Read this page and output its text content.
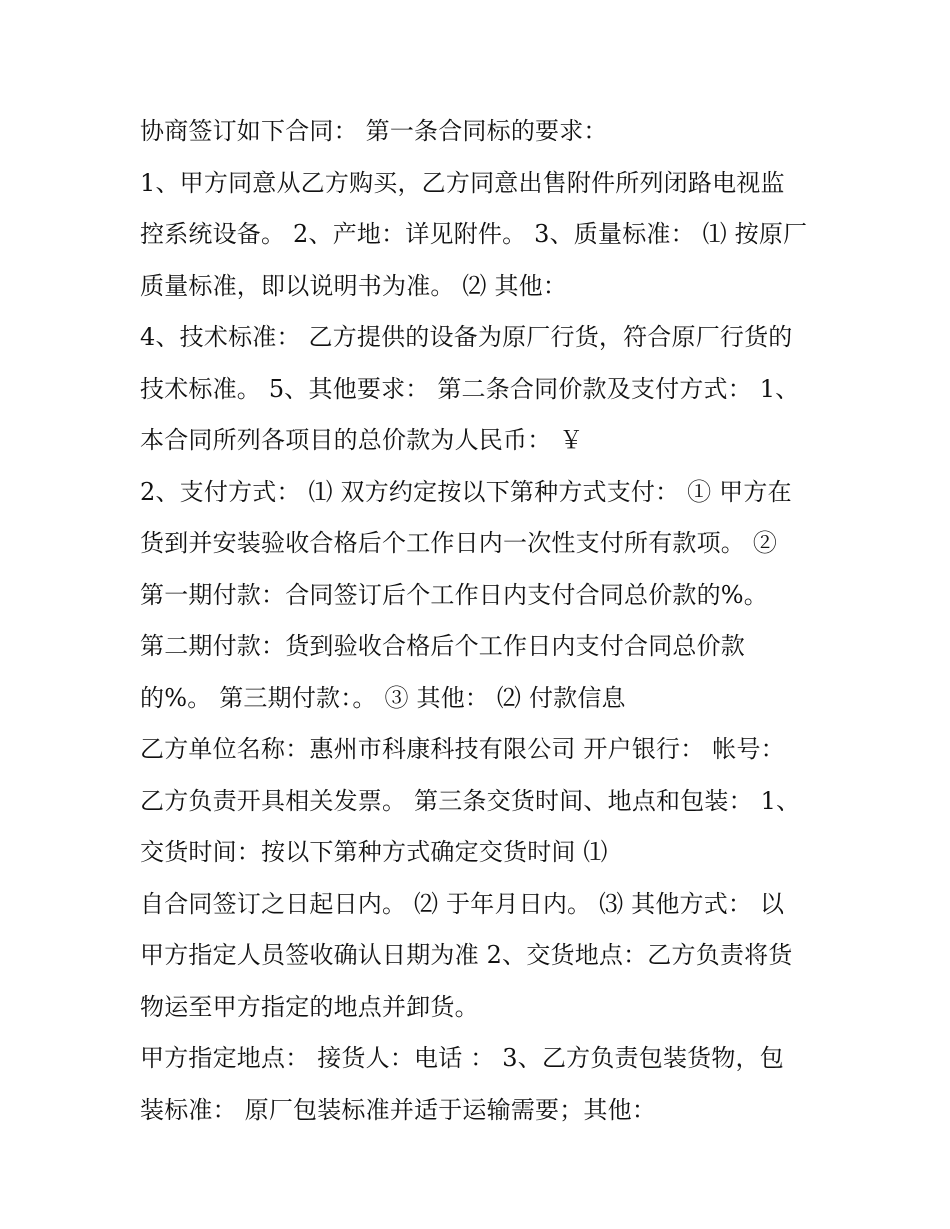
协商签订如下合同： 第一条合同标的要求：
1、甲方同意从乙方购买，乙方同意出售附件所列闭路电视监
控系统设备。 2、产地：详见附件。 3、质量标准： ⑴ 按原厂
质量标准，即以说明书为准。 ⑵ 其他：
4、技术标准： 乙方提供的设备为原厂行货，符合原厂行货的
技术标准。 5、其他要求： 第二条合同价款及支付方式： 1、
本合同所列各项目的总价款为人民币： ￥
2、支付方式： ⑴ 双方约定按以下第种方式支付： ① 甲方在
货到并安装验收合格后个工作日内一次性支付所有款项。 ②
第一期付款：合同签订后个工作日内支付合同总价款的%。
第二期付款：货到验收合格后个工作日内支付合同总价款
的%。 第三期付款：。 ③ 其他： ⑵ 付款信息
乙方单位名称：惠州市科康科技有限公司 开户银行： 帐号：
乙方负责开具相关发票。 第三条交货时间、地点和包装： 1、
交货时间：按以下第种方式确定交货时间 ⑴
自合同签订之日起日内。 ⑵ 于年月日内。 ⑶ 其他方式： 以
甲方指定人员签收确认日期为准 2、交货地点：乙方负责将货
物运至甲方指定的地点并卸货。
甲方指定地点： 接货人：电话 ： 3、乙方负责包装货物，包
装标准： 原厂包装标准并适于运输需要；其他：
